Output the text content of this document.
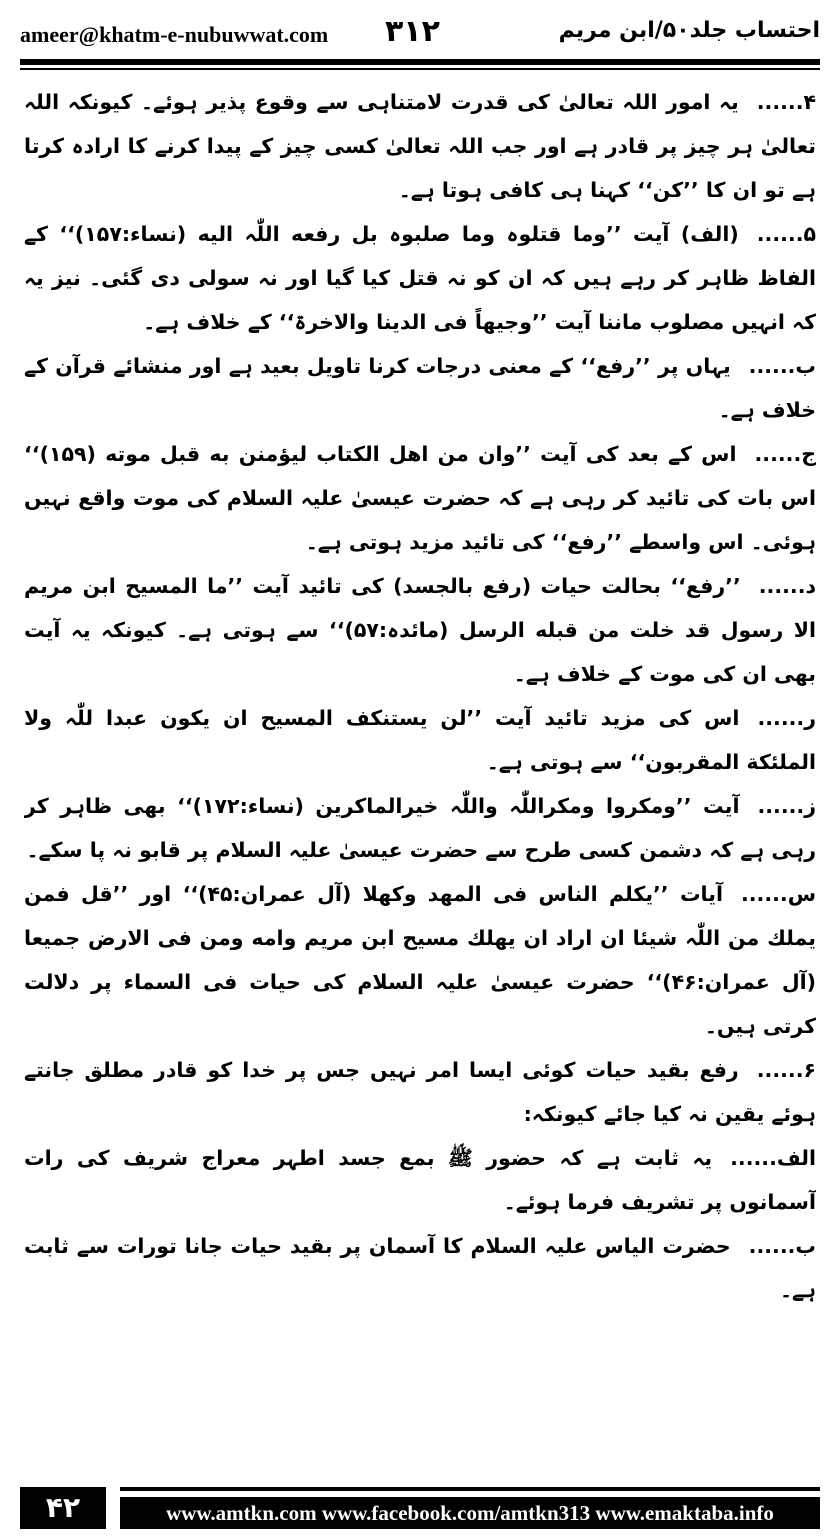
ameer@khatm-e-nubuwwat.com ۳۱۲	احتساب جلد۵۰/ابن مریم

۴......یہ امور اللہ تعالیٰ کی قدرت لامتناہی سے وقوع پذیر ہوئے۔ کیونکہ اللہ تعالیٰ ہر چیز پر قادر ہے اور جب اللہ تعالیٰ کسی چیز کے پیدا کرنے کا ارادہ کرتا ہے تو ان کا ’’کن‘‘ کہنا ہی کافی ہوتا ہے۔

۵......(الف) آیت ’’وما قتلوہ وما صلبوہ بل رفعه اللّٰہ الیه (نساء:۱۵۷)‘‘ کے الفاظ ظاہر کر رہے ہیں کہ ان کو نہ قتل کیا گیا اور نہ سولی دی گئی۔ نیز یہ کہ انہیں مصلوب ماننا آیت ’’وجیھاً فی الدینا والاخرۃ‘‘ کے خلاف ہے۔

ب......یہاں پر ’’رفع‘‘ کے معنی درجات کرنا تاویل بعید ہے اور منشائے قرآن کے خلاف ہے۔

ج......اس کے بعد کی آیت ’’وان من اھل الکتاب لیؤمنن به قبل موته (۱۵۹)‘‘ اس بات کی تائید کر رہی ہے کہ حضرت عیسیٰ علیہ السلام کی موت واقع نہیں ہوئی۔ اس واسطے ’’رفع‘‘ کی تائید مزید ہوتی ہے۔

د......’’رفع‘‘ بحالت حیات (رفع بالجسد) کی تائید آیت ’’ما المسیح ابن مریم الا رسول قد خلت من قبله الرسل (مائدہ:۵۷)‘‘ سے ہوتی ہے۔ کیونکہ یہ آیت بھی ان کی موت کے خلاف ہے۔

ر......اس کی مزید تائید آیت ’’لن یستنکف المسیح ان یکون عبدا للّٰہ ولا الملئکة المقربون‘‘ سے ہوتی ہے۔

ز......آیت ’’ومکروا ومکراللّٰہ واللّٰہ خیرالماکرین (نساء:۱۷۲)‘‘ بھی ظاہر کر رہی ہے کہ دشمن کسی طرح سے حضرت عیسیٰ علیہ السلام پر قابو نہ پا سکے۔

س......آیات ’’یکلم الناس فی المھد وکھلا (آل عمران:۴۵)‘‘ اور ’’قل فمن یملك من اللّٰہ شیئا ان اراد ان یھلك مسیح ابن مریم وامه ومن فی الارض جمیعا (آل عمران:۴۶)‘‘ حضرت عیسیٰ علیہ السلام کی حیات فی السماء پر دلالت کرتی ہیں۔

۶......رفع بقید حیات کوئی ایسا امر نہیں جس پر خدا کو قادر مطلق جانتے ہوئے یقین نہ کیا جائے کیونکہ:

الف......یہ ثابت ہے کہ حضور ﷺ بمع جسد اطہر معراج شریف کی رات آسمانوں پر تشریف فرما ہوئے۔

ب......حضرت الیاس علیہ السلام کا آسمان پر بقید حیات جانا تورات سے ثابت ہے۔

۴۲	www.amtkn.com www.facebook.com/amtkn313 www.emaktaba.info
